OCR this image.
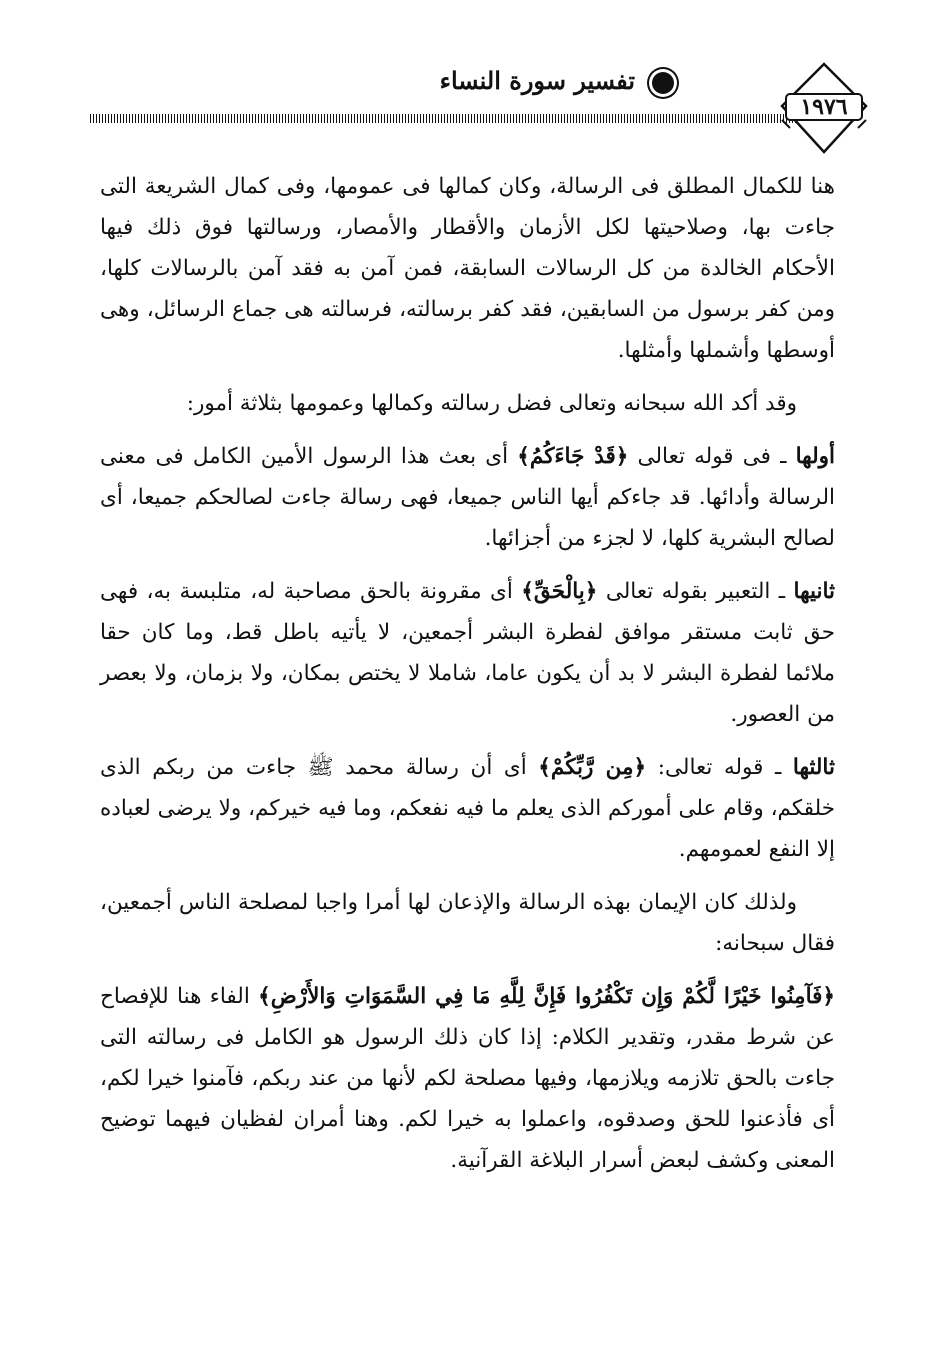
تفسير سورة النساء
١٩٧٦

هنا للكمال المطلق فى الرسالة، وكان كمالها فى عمومها، وفى كمال الشريعة التى جاءت بها، وصلاحيتها لكل الأزمان والأقطار والأمصار، ورسالتها فوق ذلك فيها الأحكام الخالدة من كل الرسالات السابقة، فمن آمن به فقد آمن بالرسالات كلها، ومن كفر برسول من السابقين، فقد كفر برسالته، فرسالته هى جماع الرسائل، وهى أوسطها وأشملها وأمثلها.

وقد أكد الله سبحانه وتعالى فضل رسالته وكمالها وعمومها بثلاثة أمور:

أولها ـ فى قوله تعالى ﴿قَدْ جَاءَكُمُ﴾ أى بعث هذا الرسول الأمين الكامل فى معنى الرسالة وأدائها. قد جاءكم أيها الناس جميعا، فهى رسالة جاءت لصالحكم جميعا، أى لصالح البشرية كلها، لا لجزء من أجزائها.

ثانيها ـ التعبير بقوله تعالى ﴿بِالْحَقِّ﴾ أى مقرونة بالحق مصاحبة له، متلبسة به، فهى حق ثابت مستقر موافق لفطرة البشر أجمعين، لا يأتيه باطل قط، وما كان حقا ملائما لفطرة البشر لا بد أن يكون عاما، شاملا لا يختص بمكان، ولا بزمان، ولا بعصر من العصور.

ثالثها ـ قوله تعالى: ﴿مِن رَّبِّكُمْ﴾ أى أن رسالة محمد ﷺ جاءت من ربكم الذى خلقكم، وقام على أموركم الذى يعلم ما فيه نفعكم، وما فيه خيركم، ولا يرضى لعباده إلا النفع لعمومهم.

ولذلك كان الإيمان بهذه الرسالة والإذعان لها أمرا واجبا لمصلحة الناس أجمعين، فقال سبحانه:

﴿فَآمِنُوا خَيْرًا لَّكُمْ وَإِن تَكْفُرُوا فَإِنَّ لِلَّهِ مَا فِي السَّمَوَاتِ وَالأَرْضِ﴾ الفاء هنا للإفصاح عن شرط مقدر، وتقدير الكلام: إذا كان ذلك الرسول هو الكامل فى رسالته التى جاءت بالحق تلازمه ويلازمها، وفيها مصلحة لكم لأنها من عند ربكم، فآمنوا خيرا لكم، أى فأذعنوا للحق وصدقوه، واعملوا به خيرا لكم. وهنا أمران لفظيان فيهما توضيح المعنى وكشف لبعض أسرار البلاغة القرآنية.
